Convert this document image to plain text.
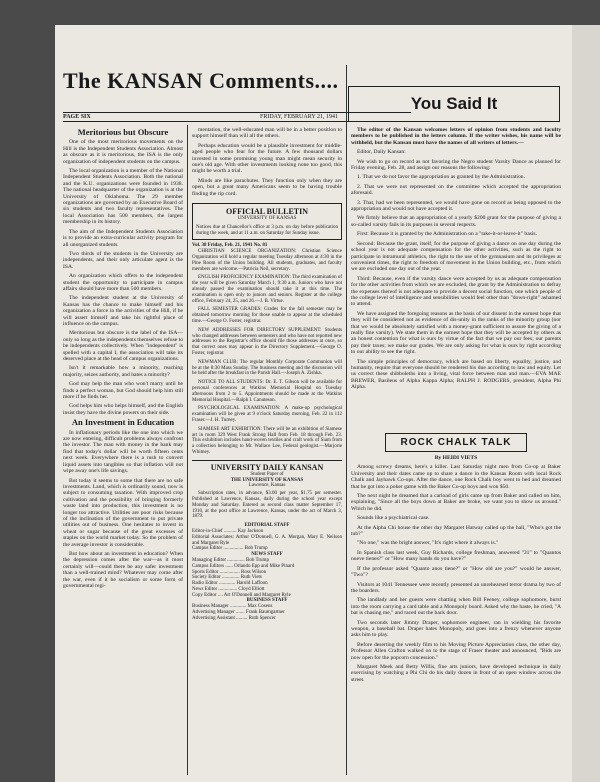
The KANSAN Comments....
PAGE SIX	FRIDAY, FEBRUARY 21, 1941
Meritorious but Obscure

One of the most meritorious movements on the Hill is the Independent Students Association. Almost as obscure as it is meritorious, the ISA is the only organization of independent students on the campus.

The local organization is a member of the National Independent Students Association. Both the national and the K.U. organizations were founded in 1938. The national headquarter of the organization is at the University of Oklahoma. The 29 member organizations are governed by an Executive Board of six students and two faculty representatives. The local Association has 500 members, the largest membership in its history.

The aim of the Independent Students Association is to provide an extra-curricular activity program for all unorganized students.

Two thirds of the students in the University are independents, and their only articulate agent is the ISA.

An organization which offers to the independent student the opportunity to participate in campus affairs should have more than 500 members.

The independent student at the University of Kansas has the chance to make himself and his organization a force in the activities of the Hill, if he will assert himself and take his rightful place of influence on the campus.

Meritorious but obscure is the label of the ISA—only so long as the independents themselves refuse to be independents collectively. When "independent" is spelled with a capital I, the association will take its deserved place at the head of campus organizations.

Isn't it remarkable how a minority, reaching majority, seizes authority, and hates a minority?

God may help the man who won't marry until he finds a perfect woman, but God should help him still more if he finds her.

God helps him who helps himself, and the English insist they have the divine powers on their side.

An Investment in Education

In inflationary periods like the one into which we are now entering, difficult problems always confront the investor. The man with money in the bank may find that today's dollar will be worth fifteen cents next week. Everywhere there is a rush to convert liquid assets into tangibles so that inflation will not wipe away one's life savings.

But today it seems to some that there are no safe investments. Land, which is ordinarily sound, now is subject to consuming taxation. With improved crop cultivation and the possibility of bringing formerly waste land into production, this investment is no longer too attractive. Utilities are poor risks because of the inclination of the government to put private utilities out of business. One hesitates to invest in wheat or sugar because of the great excesses of staples on the world market today. So the problem of the average investor is considerable.

But how about an investment in education? When the depression comes after the war—as it most certainly will—could there be any safer investment than a well-trained mind? Whatever may come after the war, even if it be socialism or some form of governmental regi-

mentation, the well-educated man will be in a better position to support himself than will all the others.

Perhaps education would be a plausible investment for middle-aged people who fear for the future. A few thousand dollars invested in some promising young man might mean security in one's old age. With other investments looking none too good, this might be worth a trial.

Minds are like parachutes. They function only when they are open, but a great many Americans seem to be having trouble finding the rip cord.

OFFICIAL BULLETIN
UNIVERSITY OF KANSAS
Notices due at Chancellor's office at 3 p.m. on day before publication during the week, and at 11 a.m. on Saturday for Sunday issue.
Vol. 38 Friday, Feb. 21, 1941 No. 81

CHRISTIAN SCIENCE ORGANIZATION: Christian Science Organization will hold a regular meeting Tuesday afternoon at 4:30 in the Pine Room of the Union building. All students, graduates, and faculty members are welcome.—Patricia Neil, secretary.

ENGLISH PROFICIENCY EXAMINATION: The third examination of the year will be given Saturday March 1, 9:30 a.m. Juniors who have not already passed the examination should take it at this time. The examination is open only to juniors and seniors. Register at the college office, February 24, 25, and 26.—J. B. Virtue.

FALL SEMESTER GRADES: Grades for the fall semester may be obtained tomorrow morning for those unable to appear at the scheduled time.—George O. Foster, registrar.

NEW ADDRESSES FOR DIRECTORY SUPPLEMENT: Students who changed addresses between semesters and who have not reported new addresses to the Registrar's office should file those addresses at once, so that correct ones may appear in the Directory Supplement.—George O. Foster, registrar.

NEWMAN CLUB: The regular Monthly Corporate Communion will be at the 8:30 Mass Sunday. The business meeting and the discussion will be held after the breakfast in the Parish Hall.—Joseph A. Zishka.

NOTICE TO ALL STUDENTS: Dr. E. T. Gibson will be available for personal conferences at Watkins Memorial Hospital on Tuesday afternoons from 2 to 5. Appointments should be made at the Watkins Memorial Hospital.—Ralph I. Canuteson.

PSYCHOLOGICAL EXAMINATION: A make-up psychological examination will be given at 9 o'clock Saturday morning, Feb. 22 in 112 Fraser.—J. H. Turney.

SIAMESE ART EXHIBITION: There will be an exhibition of Siamese art in room 329 West Frank Strong Hall from Feb. 18 through Feb. 23. This exhibition includes hand-woven textiles and craft work of Siam from a collection belonging to Mr. Wallace Lee, Federal geologist.—Marjorie Whitney.

UNIVERSITY DAILY KANSAN
Student Paper of
THE UNIVERSITY OF KANSAS
Lawrence, Kansas

Subscription rates, in advance, $3.00 per year, $1.75 per semester. Published at Lawrence, Kansas, daily during the school year except Monday and Saturday. Entered as second class matter September 17, 1910, at the post office at Lawrence, Kansas, under the act of March 3, 1879.

EDITORIAL STAFF
Editor-in-Chief .......... Kay Jackson
Editorial Associates: Arthur O'Donnell, G. A. Morgan, Mary E. Neilson and Margaret Ryle
Campus Editor ................ Bob Trump
NEWS STAFF
Managing Editor .............. Bob Trump
Campus Editors ...... Orlando Epp and Mike Pinard
Sports Editor ................ Ross Wilson
Society Editor .............. Ruth Viets
Radio Editor ............. Harold Laffoon
News Editor ............... Cloyd Elliott
Copy Editor .... Art O'Donnell and Margaret Ryle
BUSINESS STAFF
Business Manager ............. Max Cosens
Advertising Manager ....... Frank Baumgartner
Advertising Assistant ......... Ruth Spencer
You Said It

The editor of the Kansan welcomes letters of opinion from students and faculty members to be published in the letters column. If the writer wishes, his name will be withheld, but the Kansan must have the names of all writers of letters.—

Editor, Daily Kansan:

We wish to go on record as not favoring the Negro student Varsity Dance as planned for Friday evening, Feb. 28, and assign our reasons the following:

1. That we do not favor the appropriation as granted by the Administration.

2. That we were not represented on the committee which accepted the appropriation aforesaid.

3. That, had we been represented, we would have gone on record as being opposed to the appropriation and would not have accepted it.

We firmly believe that an appropriation of a yearly $200 grant for the purpose of giving a so-called varsity fails in its purposes in several respects.

First: Because it is granted by the Administration on a "take-it-or-leave-it" basis.

Second: Because the grant, itself, for the purpose of giving a dance on one day during the school year is not adequate compensation for the other activities, such as the right to participate in intramural athletics, the right to the use of the gymnasium and its privileges at convenient times, the right to freedom of movement in the Union building, etc., from which we are excluded one day out of the year.

Third: Because, even if the varsity dance were accepted by us as adequate compensation for the other activities from which we are excluded, the grant by the Administration to defray the expenses thereof is not adequate to provide a decent social function, one which people of the college level of intelligence and sensibilities would feel other than "down-right" ashamed to attend.

We have assigned the foregoing reasons as the basis of our dissent in the earnest hope that they will be considered not as evidence of dis-unity in the ranks of the minority group (nor that we would be absolutely satisfied with a money-grant sufficient to assure the giving of a really fine varsity). We state them in the earnest hope that they will be accepted by others as an honest contention for what is ours by virtue of the fact that we pay our fees; our parents pay their taxes; we make our grades. We are only asking for what is ours by right according to our ability to see the right.

The simple principles of democracy, which are based on liberty, equality, justice, and humanity, require that everyone should be rendered his due according to law and equity. Let us correct these shibboleths into a living, vital force between man and man.—EVA MAE BREWER, Basileus of Alpha Kappa Alpha; RALPH J. RODGERS, president, Alpha Phi Alpha.

ROCK CHALK TALK
By HEIDI VIETS

Among screwy dreams, here's a killer. Last Saturday night men from Co-op at Baker University and their dates came up to share a dance in the Kansas Room with local Rock Chalk and Jayhawk Co-ops. After the dance, one Rock Chalk boy went to bed and dreamed that he got into a poker game with the Baker Co-op boys and won $50.

The next night he dreamed that a carload of girls came up from Baker and called on him, explaining, "Since all the boys down at Baker are broke, we want you to show us around." Which he did.

Sounds like a psychiatrical case.

At the Alpha Chi house the other day Margaret Hatway called up the hall, "Who's got the tub?"

"No one," was the bright answer, "It's right where it always is."

In Spanish class last week, Guy Richards, college freshman, answered "31" to "Quantos nueve tienes?" or "How many hands do you have?"

If the professor asked "Quanto anos tiene?" or "How old are you?" would he answer, "Two"?

Visitors at 1041 Tennessee were recently presented an unrehearsed terror drama by two of the boarders.

The landlady and her guests were chatting when Bill Feeney, college sophomore, burst into the room carrying a card table and a Monopoly board. Asked why the haste, he cried, "A bat is chasing me," and raced out the back door.

Two seconds later Jimmy Draper, sophomore engineer, ran in wielding his favorite weapon, a baseball bat. Draper hates Monopoly, and goes into a frenzy whenever anyone asks him to play.

Before deserting the weekly film to his Moving Picture Appreciation class, the other day, Professor Allen Crafton walked on to the stage of Fraser theater and announced, "Bids are now open for the popcorn concession."

Margaret Meek and Betty Willis, fine arts juniors, have developed technique in daily exercising by watching a Phi Chi do his daily dozen in front of an open window across the street.
